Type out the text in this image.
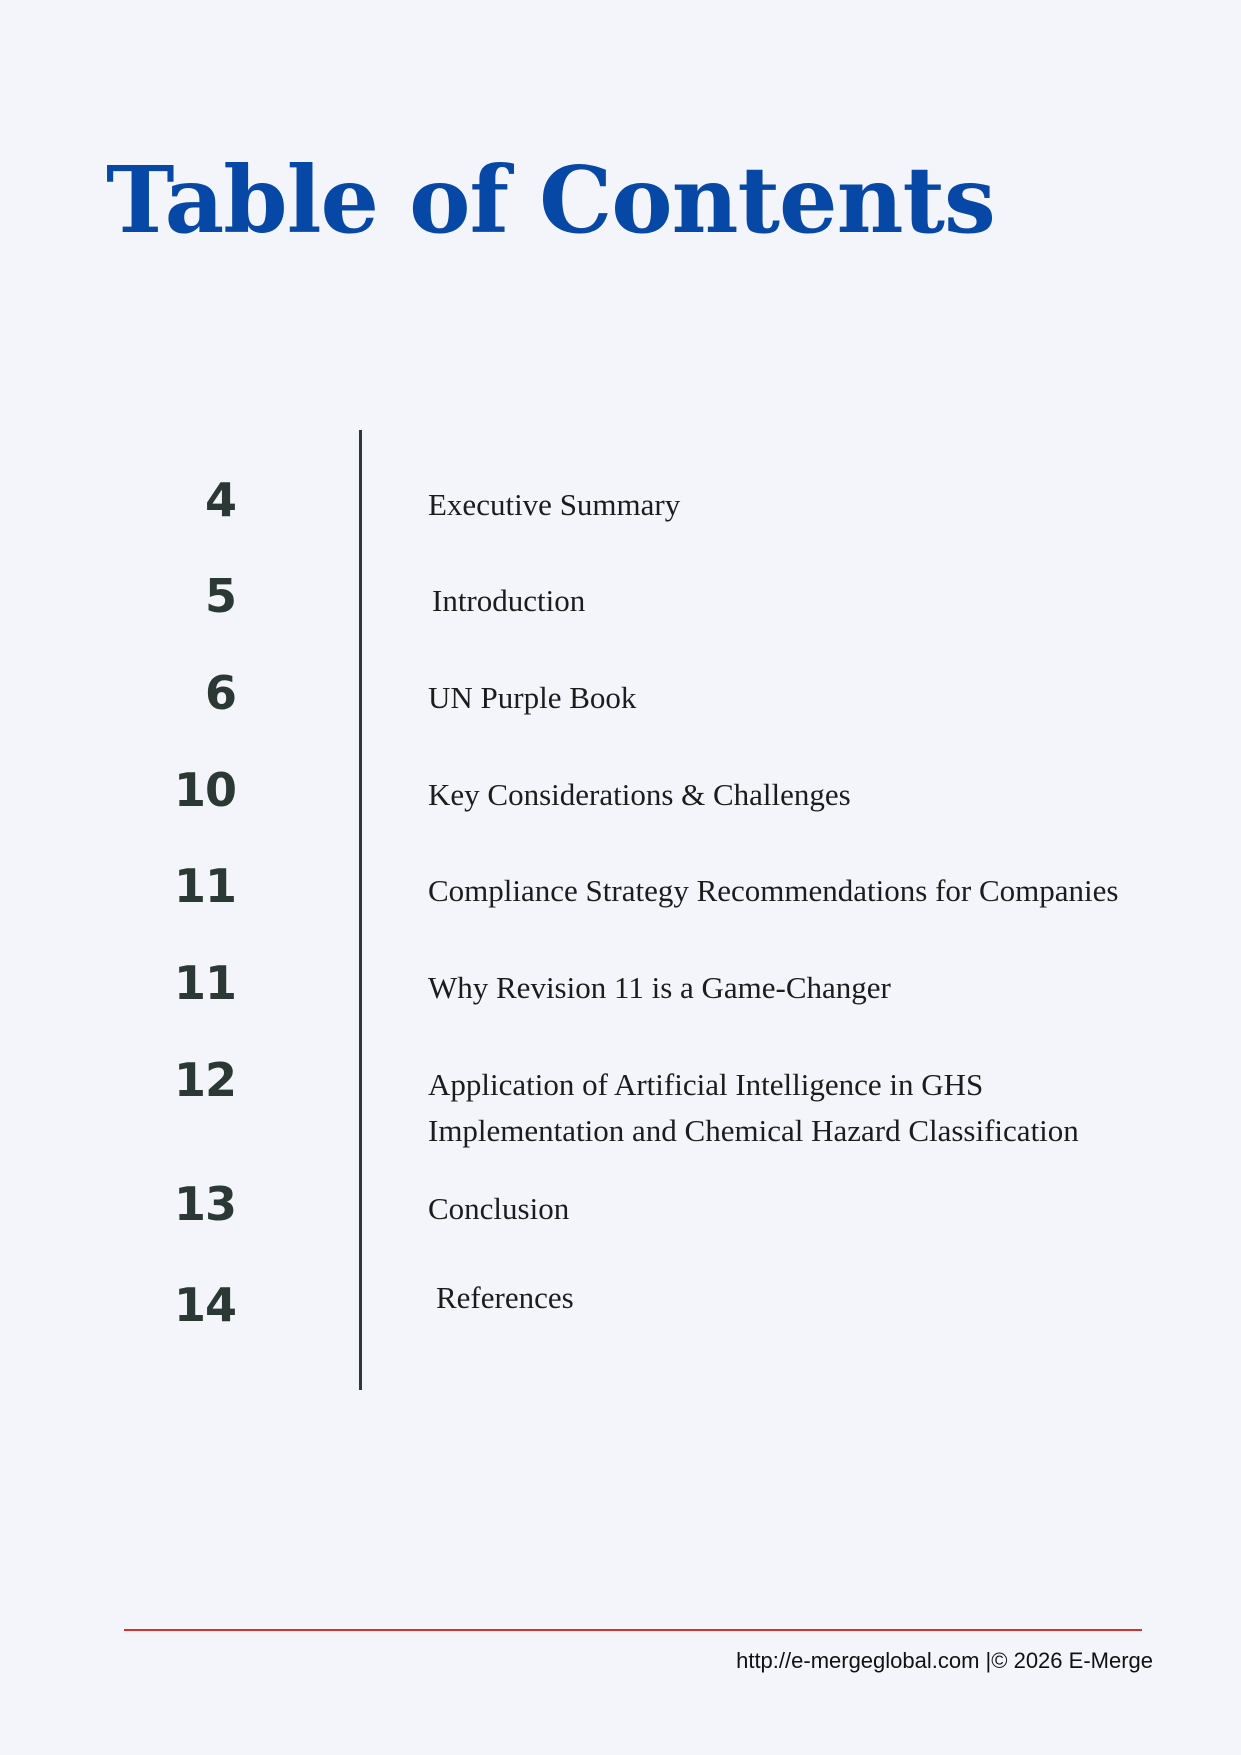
Table of Contents
4	Executive Summary
5	Introduction
6	UN Purple Book
10	Key Considerations & Challenges
11	Compliance Strategy Recommendations for Companies
11	Why Revision 11 is a Game-Changer
12	Application of Artificial Intelligence in GHS
Implementation and Chemical Hazard Classification
13	Conclusion
14	References
http://e-mergeglobal.com |© 2026 E-Merge
